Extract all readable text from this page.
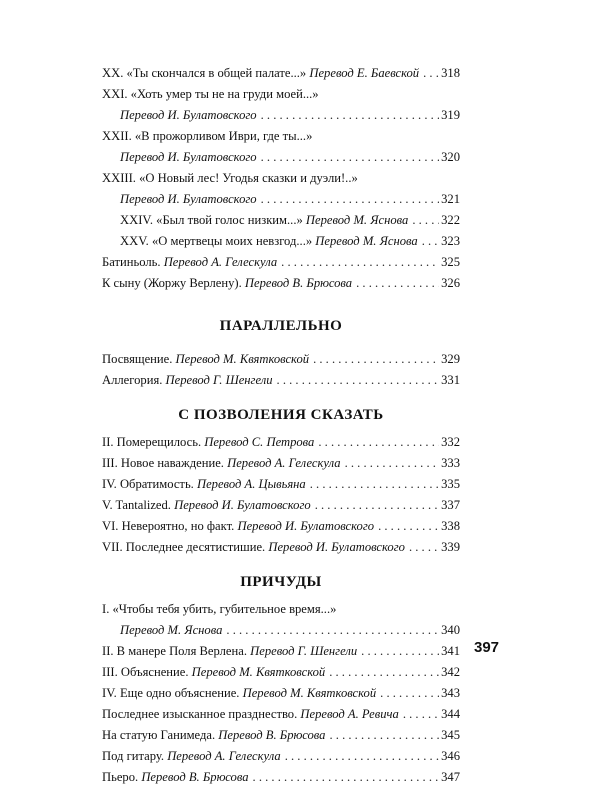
XX. «Ты скончался в общей палате...» Перевод Е. Баевской . . . 318
XXI. «Хоть умер ты не на груди моей...»
Перевод И. Булатовского . . .	319
XXII. «В прожорливом Иври, где ты...»
Перевод И. Булатовского . . .	320
XXIII. «О Новый лес! Угодья сказки и дуэли!..»
Перевод И. Булатовского . . .	321
XXIV. «Был твой голос низким...» Перевод М. Яснова . . .	322
XXV. «О мертвецы моих невзгод...» Перевод М. Яснова . . . 323
Батиньоль. Перевод А. Гелескула . . .	325
К сыну (Жоржу Верлену). Перевод В. Брюсова . . .	326
ПАРАЛЛЕЛЬНО
Посвящение. Перевод М. Квятковской . . .	329
Аллегория. Перевод Г. Шенгели . . .	331
С ПОЗВОЛЕНИЯ СКАЗАТЬ
II. Померещилось. Перевод С. Петрова . . .	332
III. Новое наваждение. Перевод А. Гелескула . . .	333
IV. Обратимость. Перевод А. Цывьяна . . .	335
V. Tantalized. Перевод И. Булатовского . . .	337
VI. Невероятно, но факт. Перевод И. Булатовского . . .	338
VII. Последнее десятистишие. Перевод И. Булатовского . . .	339
ПРИЧУДЫ
I. «Чтобы тебя убить, губительное время...»
Перевод М. Яснова . . .	340
II. В манере Поля Верлена. Перевод Г. Шенгели . . .	341
III. Объяснение. Перевод М. Квятковской . . .	342
IV. Еще одно объяснение. Перевод М. Квятковской . . .	343
Последнее изысканное празднество. Перевод А. Ревича . . .	344
На статую Ганимеда. Перевод В. Брюсова . . .	345
Под гитару. Перевод А. Гелескула . . .	346
Пьеро. Перевод В. Брюсова . . .	347
397
